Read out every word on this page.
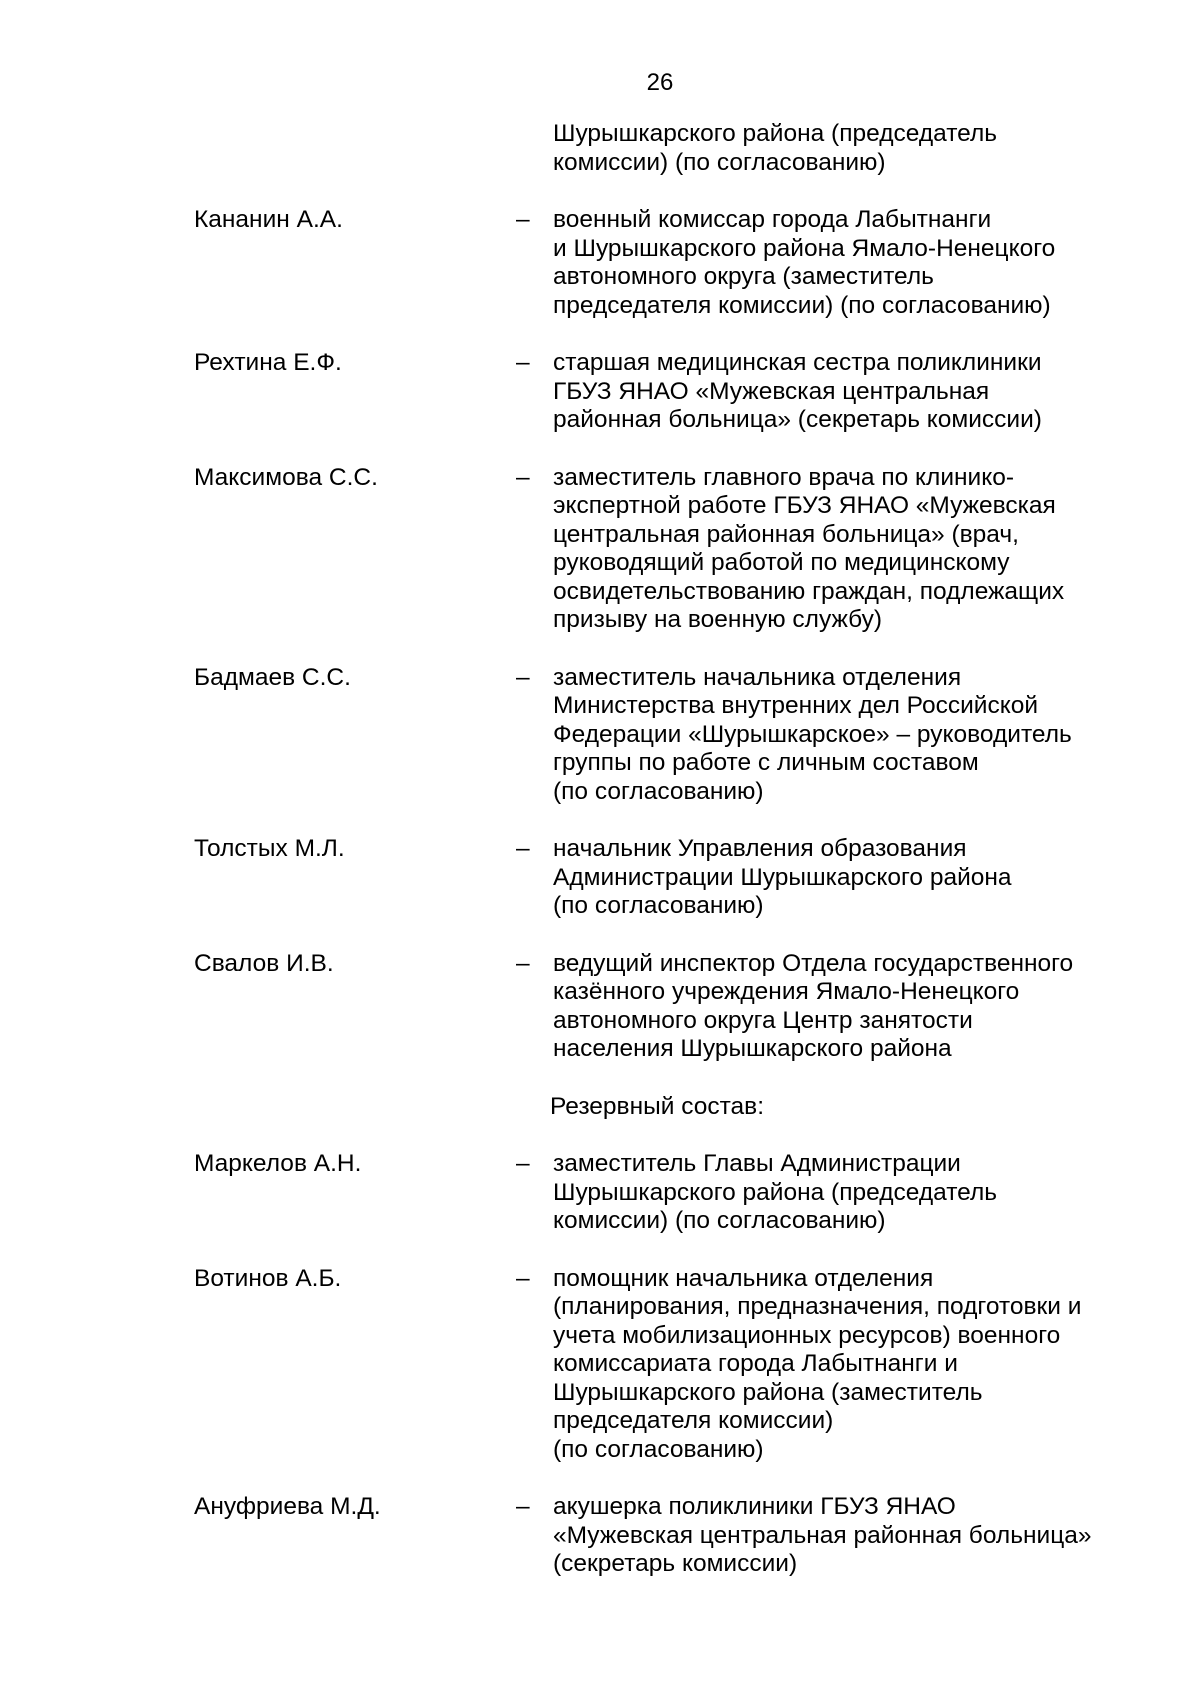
26
Шурышкарского района (председатель
комиссии) (по согласованию)
Кананин А.А.	– военный комиссар города Лабытнанги
и Шурышкарского района Ямало-Ненецкого
автономного округа (заместитель
председателя комиссии) (по согласованию)
Рехтина Е.Ф.	– старшая медицинская сестра поликлиники
ГБУЗ ЯНАО «Мужевская центральная
районная больница» (секретарь комиссии)
Максимова С.С.	– заместитель главного врача по клинико-
экспертной работе ГБУЗ ЯНАО «Мужевская
центральная районная больница» (врач,
руководящий работой по медицинскому
освидетельствованию граждан, подлежащих
призыву на военную службу)
Бадмаев С.С.	– заместитель начальника отделения
Министерства внутренних дел Российской
Федерации «Шурышкарское» – руководитель
группы по работе с личным составом
(по согласованию)
Толстых М.Л.	– начальник Управления образования
Администрации Шурышкарского района
(по согласованию)
Свалов И.В.	– ведущий инспектор Отдела государственного
казённого учреждения Ямало-Ненецкого
автономного округа Центр занятости
населения Шурышкарского района
Резервный состав:
Маркелов А.Н.	– заместитель Главы Администрации
Шурышкарского района (председатель
комиссии) (по согласованию)
Вотинов А.Б.	– помощник начальника отделения
(планирования, предназначения, подготовки и
учета мобилизационных ресурсов) военного
комиссариата города Лабытнанги и
Шурышкарского района (заместитель
председателя комиссии)
(по согласованию)
Ануфриева М.Д.	– акушерка поликлиники ГБУЗ ЯНАО
«Мужевская центральная районная больница»
(секретарь комиссии)
